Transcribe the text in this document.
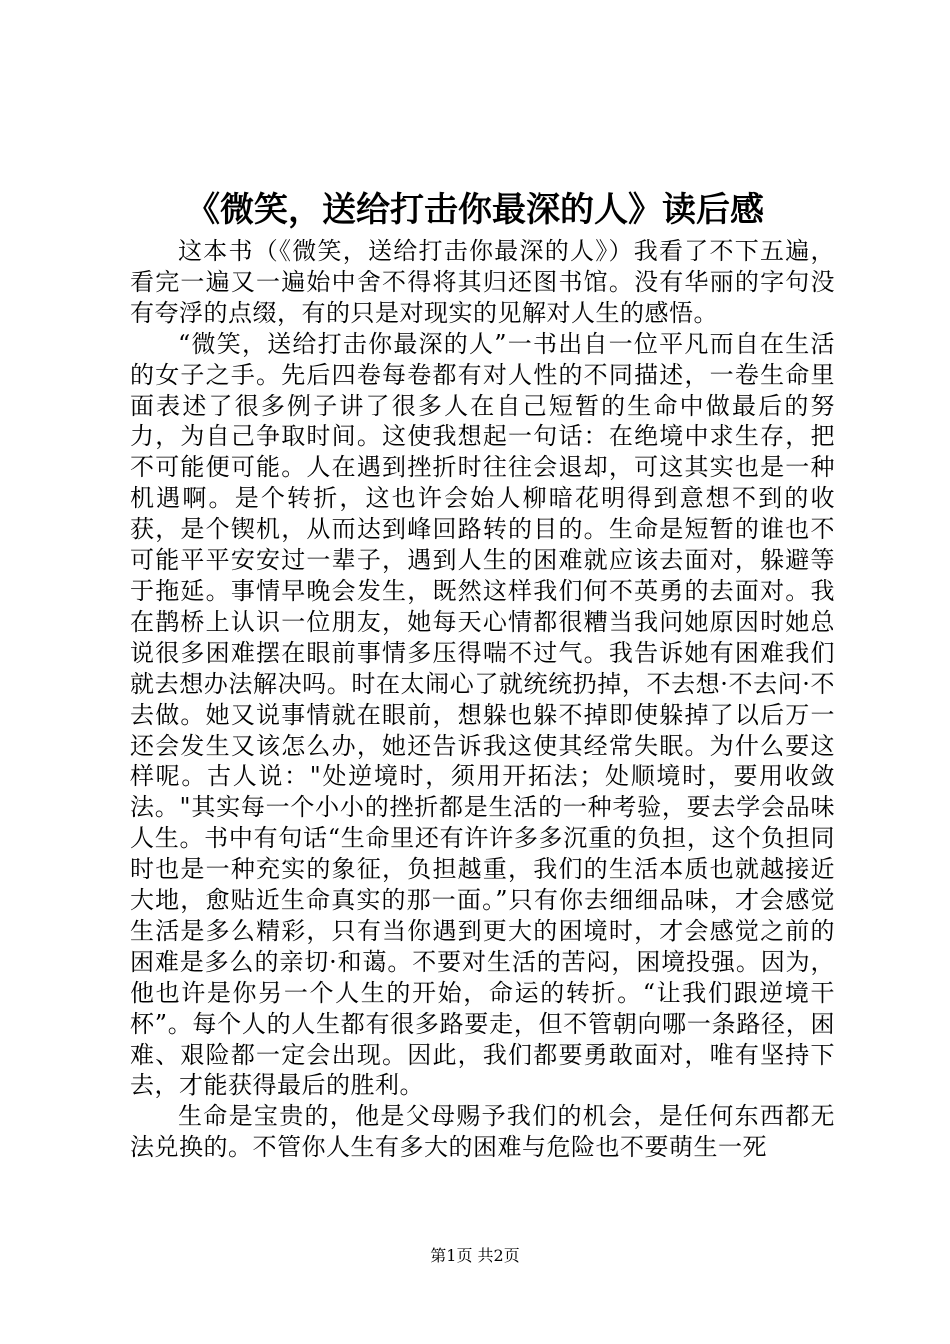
《微笑，送给打击你最深的人》读后感

这本书（《微笑，送给打击你最深的人》）我看了不下五遍，看完一遍又一遍始中舍不得将其归还图书馆。没有华丽的字句没有夸浮的点缀，有的只是对现实的见解对人生的感悟。

“微笑，送给打击你最深的人”一书出自一位平凡而自在生活的女子之手。先后四卷每卷都有对人性的不同描述，一卷生命里面表述了很多例子讲了很多人在自己短暂的生命中做最后的努力，为自己争取时间。这使我想起一句话：在绝境中求生存，把不可能便可能。人在遇到挫折时往往会退却，可这其实也是一种机遇啊。是个转折，这也许会始人柳暗花明得到意想不到的收获，是个锲机，从而达到峰回路转的目的。生命是短暂的谁也不可能平平安安过一辈子，遇到人生的困难就应该去面对，躲避等于拖延。事情早晚会发生，既然这样我们何不英勇的去面对。我在鹊桥上认识一位朋友，她每天心情都很糟当我问她原因时她总说很多困难摆在眼前事情多压得喘不过气。我告诉她有困难我们就去想办法解决吗。时在太闹心了就统统扔掉，不去想·不去问·不去做。她又说事情就在眼前，想躲也躲不掉即使躲掉了以后万一还会发生又该怎么办，她还告诉我这使其经常失眠。为什么要这样呢。古人说："处逆境时，须用开拓法；处顺境时，要用收敛法。"其实每一个小小的挫折都是生活的一种考验，要去学会品味人生。书中有句话“生命里还有许许多多沉重的负担，这个负担同时也是一种充实的象征，负担越重，我们的生活本质也就越接近大地，愈贴近生命真实的那一面。”只有你去细细品味，才会感觉生活是多么精彩，只有当你遇到更大的困境时，才会感觉之前的困难是多么的亲切·和蔼。不要对生活的苦闷，困境投强。因为，他也许是你另一个人生的开始，命运的转折。“让我们跟逆境干杯”。每个人的人生都有很多路要走，但不管朝向哪一条路径，困难、艰险都一定会出现。因此，我们都要勇敢面对，唯有坚持下去，才能获得最后的胜利。

生命是宝贵的，他是父母赐予我们的机会，是任何东西都无法兑换的。不管你人生有多大的困难与危险也不要萌生一死

第1页 共2页
